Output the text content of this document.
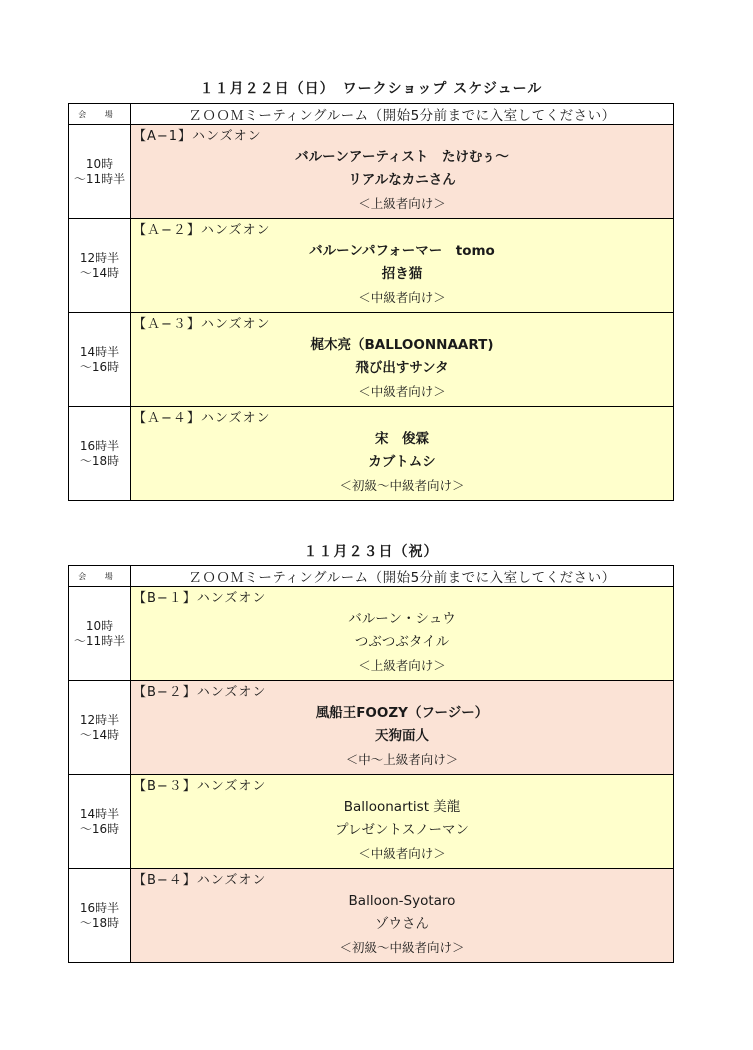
１１月２２日（日）　ワークショップ スケジュール
会 場	ＺＯＯＭミーティングルーム（開始5分前までに入室してください）

10時
～11時半	【A−1】ハンズオン
バルーンアーティスト　たけむぅ～
リアルなカニさん
＜上級者向け＞

12時半
～14時	【Ａ−２】ハンズオン
バルーンパフォーマー　tomo
招き猫
＜中級者向け＞

14時半
～16時	【Ａ−３】ハンズオン
梶木亮（BALLOONNAART)
飛び出すサンタ
＜中級者向け＞

16時半
～18時	【Ａ−４】ハンズオン
宋　俊霖
カブトムシ
＜初級～中級者向け＞
１１月２３日（祝）
会 場	ＺＯＯＭミーティングルーム（開始5分前までに入室してください）

10時
～11時半	【B−１】ハンズオン
バルーン・シュウ
つぶつぶタイル
＜上級者向け＞

12時半
～14時	【B−２】ハンズオン
風船王FOOZY（フージー）
天狗面人
＜中～上級者向け＞

14時半
～16時	【B−３】ハンズオン
Balloonartist 美龍
プレゼントスノーマン
＜中級者向け＞

16時半
～18時	【B−４】ハンズオン
Balloon-Syotaro
ゾウさん
＜初級～中級者向け＞
